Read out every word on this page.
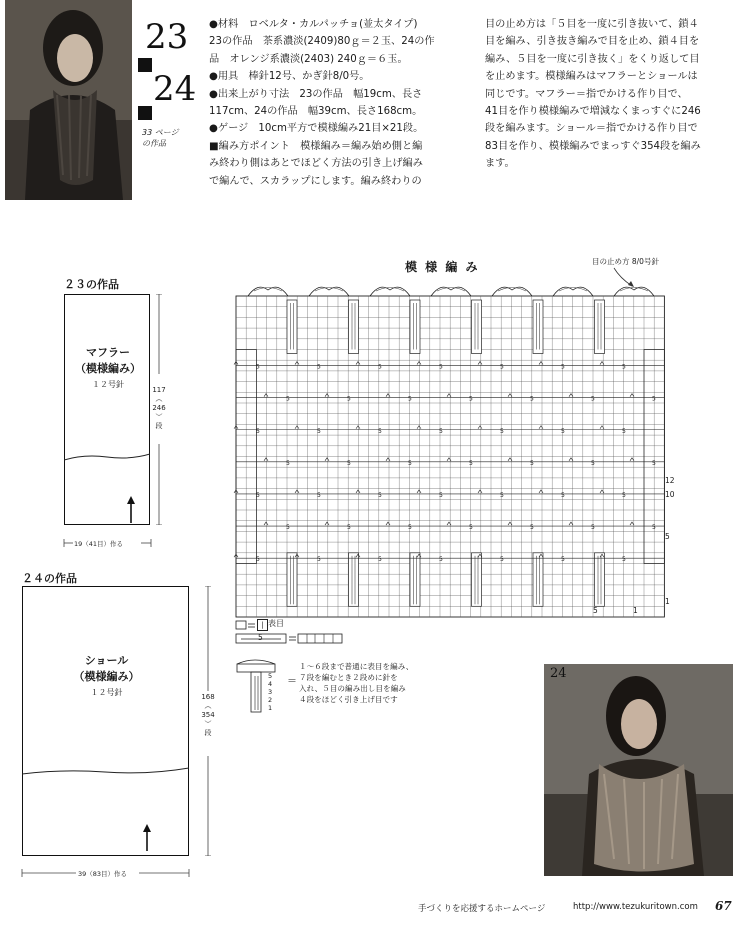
23
24
33 ページ
の作品
●材料　ロベルタ・カルパッチョ(並太タイプ)
23の作品　茶系濃淡(2409)80ｇ＝２玉、24の作
品　オレンジ系濃淡(2403) 240ｇ＝６玉。
●用具　棒針12号、かぎ針8/0号。
●出来上がり寸法　23の作品　幅19cm、長さ
117cm、24の作品　幅39cm、長さ168cm。
●ゲージ　10cm平方で模様編み21目×21段。
■編み方ポイント　模様編み＝編み始め側と編
み終わり側はあとでほどく方法の引き上げ編み
で編んで、スカラップにします。編み終わりの
目の止め方は「５目を一度に引き抜いて、鎖４
目を編み、引き抜き編みで目を止め、鎖４目を
編み、５目を一度に引き抜く」をくり返して目
を止めます。模様編みはマフラーとショールは
同じです。マフラー＝指でかける作り目で、
41目を作り模様編みで増減なくまっすぐに246
段を編みます。ショール＝指でかける作り目で
83目を作り、模様編みでまっすぐ354段を編み
ます。
２３の作品
マフラー
（模様編み）
１２号針
117
︵
246
︶
段
19（41目）作る
２４の作品
ショール
（模様編み）
１２号針	168
︵
354
︶
段
39（83目）作る
模 様 編 み	目の止め方 8/0号針
5	5	5	5	5	5	5
5	5	5	5	5	5	5
5	5	5	5	5	5	5
5	5	5	5	5	5	5
5	5	5	5	5	5	5
5	5	5	5	5	5	5
5	5	5	5	5	5	5
5	1
12
10
5
1
| 表目
5
5
4
3
2
1
＝
１～６段まで普通に表目を編み、
７段を編むとき２段めに針を
入れ、５目の編み出し目を編み
４段をほどく引き上げ目です
24
手づくりを応援するホームページ	http://www.tezukuritown.com 67
